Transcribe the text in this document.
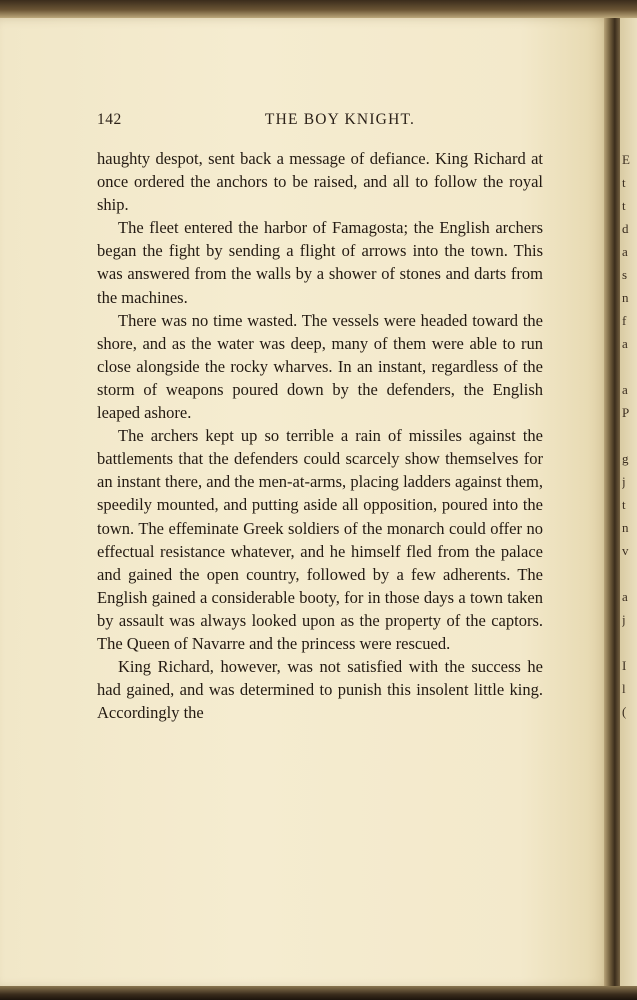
E
t
t
d
a
s
n
f
a
a
P
g
j
t
n
v
a
j
I
l
(
142	THE BOY KNIGHT.

haughty despot, sent back a message of defiance. King Richard at once ordered the anchors to be raised, and all to follow the royal ship.

The fleet entered the harbor of Famagosta; the English archers began the fight by sending a flight of arrows into the town. This was answered from the walls by a shower of stones and darts from the machines.

There was no time wasted. The vessels were headed toward the shore, and as the water was deep, many of them were able to run close alongside the rocky wharves. In an instant, regardless of the storm of weapons poured down by the defenders, the English leaped ashore.

The archers kept up so terrible a rain of missiles against the battlements that the defenders could scarcely show themselves for an instant there, and the men-at-arms, placing ladders against them, speedily mounted, and putting aside all opposition, poured into the town. The effeminate Greek soldiers of the monarch could offer no effectual resistance whatever, and he himself fled from the palace and gained the open country, followed by a few adherents. The English gained a considerable booty, for in those days a town taken by assault was always looked upon as the property of the captors. The Queen of Navarre and the princess were rescued.

King Richard, however, was not satisfied with the success he had gained, and was determined to punish this insolent little king. Accordingly the
